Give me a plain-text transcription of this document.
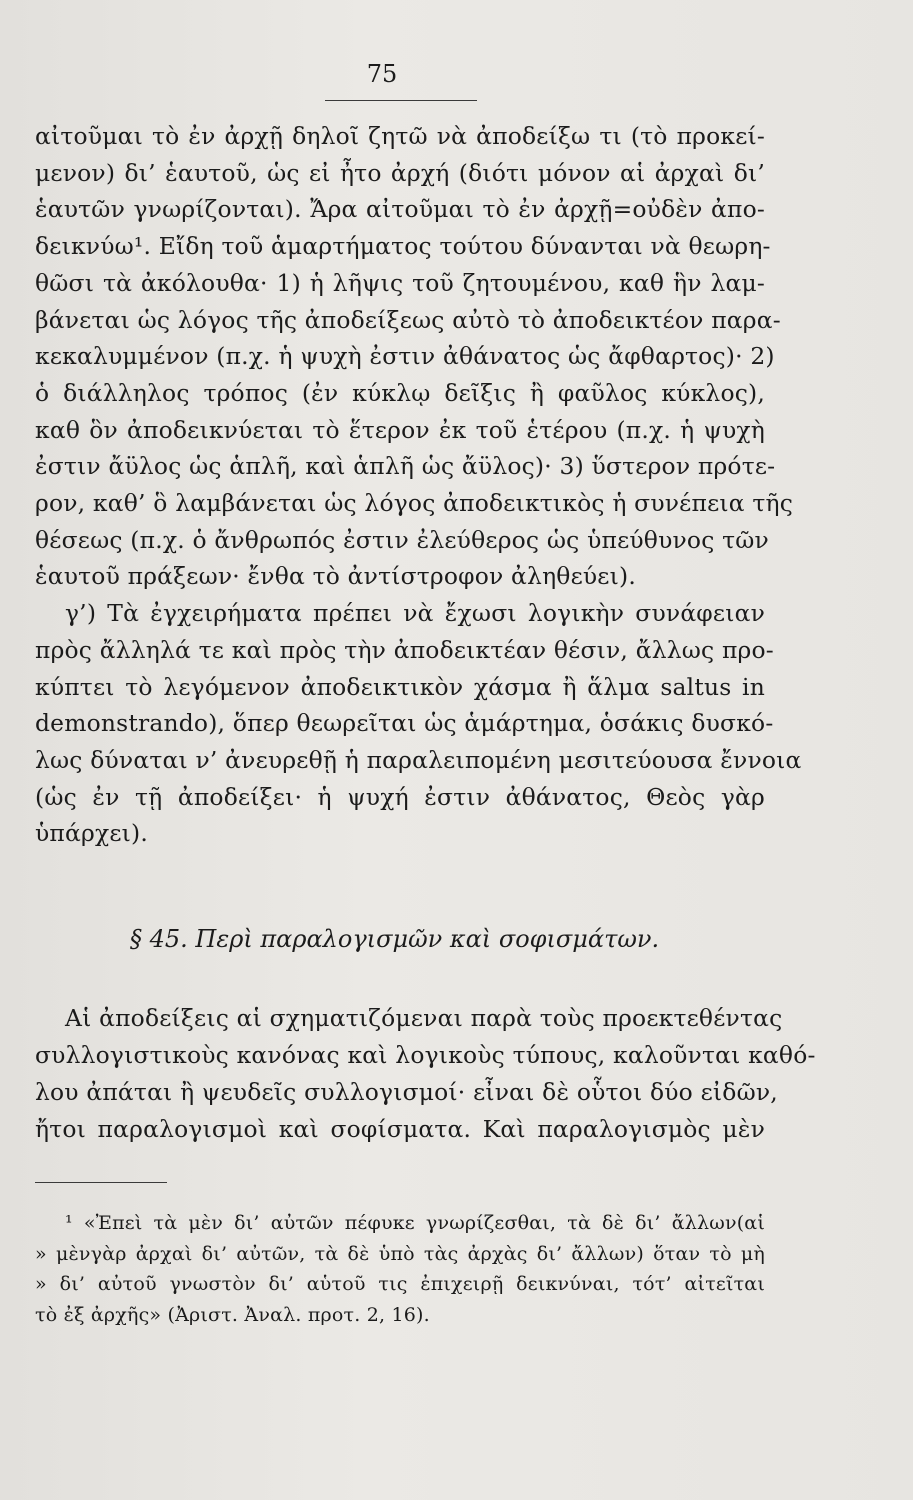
75
αἰτοῦμαι τὸ ἐν ἀρχῇ δηλοῖ ζητῶ νὰ ἀποδείξω τι (τὸ προκεί-
μενον) δι’ ἑαυτοῦ, ὡς εἰ ἦτο ἀρχή (διότι μόνον αἱ ἀρχαὶ δι’
ἑαυτῶν γνωρίζονται). Ἄρα αἰτοῦμαι τὸ ἐν ἀρχῇ=οὐδὲν ἀπο-
δεικνύω¹. Εἴδη τοῦ ἁμαρτήματος τούτου δύνανται νὰ θεωρη-
θῶσι τὰ ἀκόλουθα· 1) ἡ λῆψις τοῦ ζητουμένου, καθ ἣν λαμ-
βάνεται ὡς λόγος τῆς ἀποδείξεως αὐτὸ τὸ ἀποδεικτέον παρα-
κεκαλυμμένον (π.χ. ἡ ψυχὴ ἐστιν ἀθάνατος ὡς ἄφθαρτος)· 2)
ὁ διάλληλος τρόπος (ἐν κύκλῳ δεῖξις ἢ φαῦλος κύκλος),
καθ ὃν ἀποδεικνύεται τὸ ἕτερον ἐκ τοῦ ἑτέρου (π.χ. ἡ ψυχὴ
ἐστιν ἄϋλος ὡς ἁπλῆ, καὶ ἁπλῆ ὡς ἄϋλος)· 3) ὕστερον πρότε-
ρον, καθ’ ὃ λαμβάνεται ὡς λόγος ἀποδεικτικὸς ἡ συνέπεια τῆς
θέσεως (π.χ. ὁ ἄνθρωπός ἐστιν ἐλεύθερος ὡς ὑπεύθυνος τῶν
ἑαυτοῦ πράξεων· ἔνθα τὸ ἀντίστροφον ἀληθεύει).
γ’) Τὰ ἐγχειρήματα πρέπει νὰ ἔχωσι λογικὴν συνάφειαν
πρὸς ἄλληλά τε καὶ πρὸς τὴν ἀποδεικτέαν θέσιν, ἄλλως προ-
κύπτει τὸ λεγόμενον ἀποδεικτικὸν χάσμα ἢ ἅλμα saltus in
demonstrando), ὅπερ θεωρεῖται ὡς ἁμάρτημα, ὁσάκις δυσκό-
λως δύναται ν’ ἀνευρεθῇ ἡ παραλειπομένη μεσιτεύουσα ἔννοια
(ὡς ἐν τῇ ἀποδείξει· ἡ ψυχή ἐστιν ἀθάνατος, Θεὸς γὰρ
ὑπάρχει).
§ 45. Περὶ παραλογισμῶν καὶ σοφισμάτων.
Αἱ ἀποδείξεις αἱ σχηματιζόμεναι παρὰ τοὺς προεκτεθέντας
συλλογιστικοὺς κανόνας καὶ λογικοὺς τύπους, καλοῦνται καθό-
λου ἀπάται ἢ ψευδεῖς συλλογισμοί· εἶναι δὲ οὗτοι δύο εἰδῶν,
ἤτοι παραλογισμοὶ καὶ σοφίσματα. Καὶ παραλογισμὸς μὲν
¹ «Ἐπεὶ τὰ μὲν δι’ αὐτῶν πέφυκε γνωρίζεσθαι, τὰ δὲ δι’ ἄλλων(αἱ
» μὲνγὰρ ἀρχαὶ δι’ αὐτῶν, τὰ δὲ ὑπὸ τὰς ἀρχὰς δι’ ἄλλων) ὅταν τὸ μὴ
» δι’ αὐτοῦ γνωστὸν δι’ αὑτοῦ τις ἐπιχειρῇ δεικνύναι, τότ’ αἰτεῖται
τὸ ἐξ ἀρχῆς» (Ἀριστ. Ἀναλ. προτ. 2, 16).
